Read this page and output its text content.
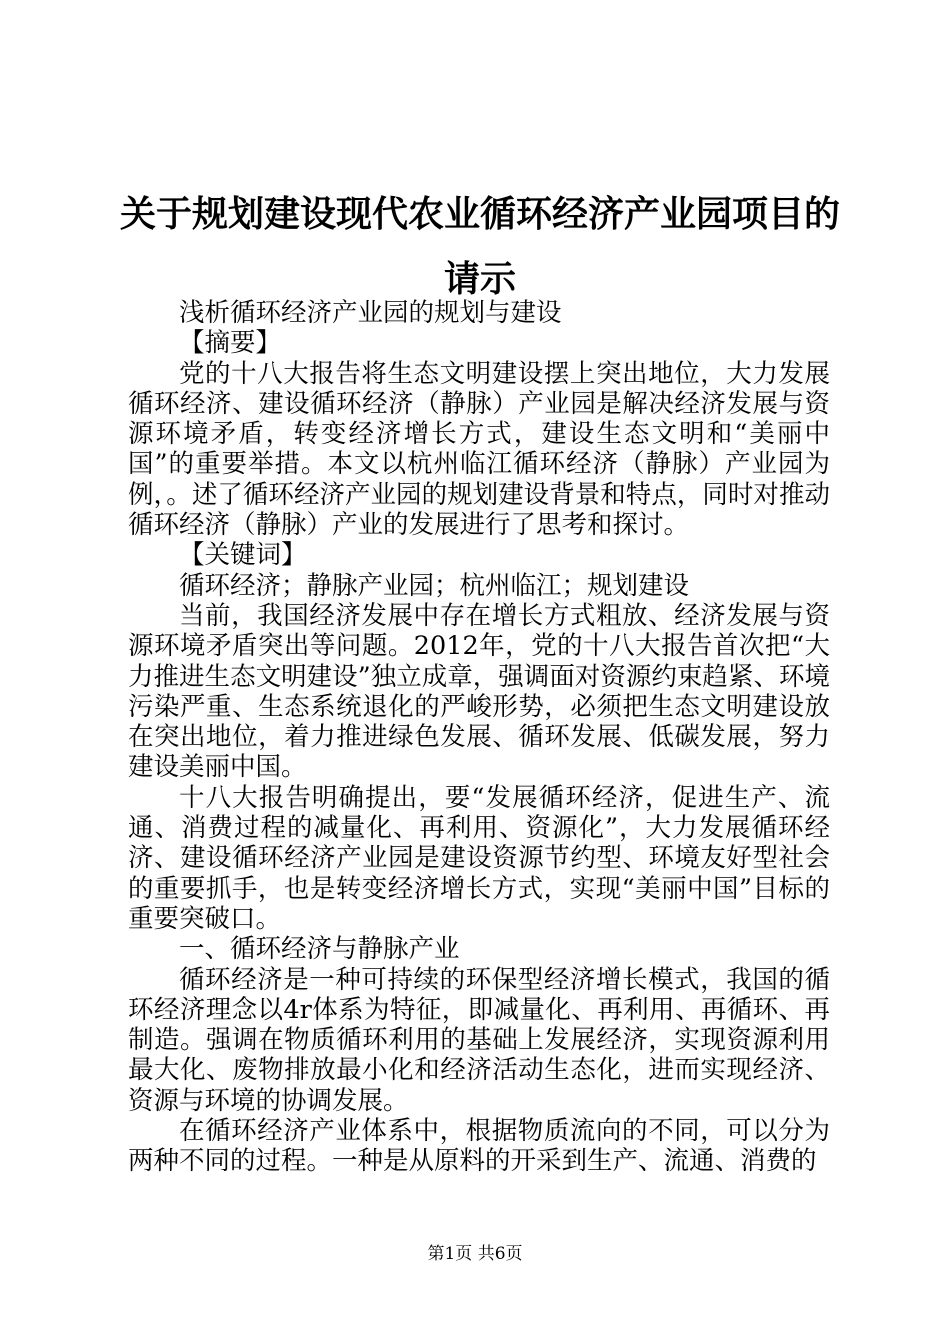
关于规划建设现代农业循环经济产业园项目的请示

浅析循环经济产业园的规划与建设

【摘要】

党的十八大报告将生态文明建设摆上突出地位，大力发展循环经济、建设循环经济（静脉）产业园是解决经济发展与资源环境矛盾，转变经济增长方式，建设生态文明和“美丽中国”的重要举措。本文以杭州临江循环经济（静脉）产业园为例，。述了循环经济产业园的规划建设背景和特点，同时对推动循环经济（静脉）产业的发展进行了思考和探讨。

【关键词】

循环经济；静脉产业园；杭州临江；规划建设

当前，我国经济发展中存在增长方式粗放、经济发展与资源环境矛盾突出等问题。2012年，党的十八大报告首次把“大力推进生态文明建设”独立成章，强调面对资源约束趋紧、环境污染严重、生态系统退化的严峻形势，必须把生态文明建设放在突出地位，着力推进绿色发展、循环发展、低碳发展，努力建设美丽中国。

十八大报告明确提出，要“发展循环经济，促进生产、流通、消费过程的减量化、再利用、资源化”，大力发展循环经济、建设循环经济产业园是建设资源节约型、环境友好型社会的重要抓手，也是转变经济增长方式，实现“美丽中国”目标的重要突破口。

一、循环经济与静脉产业

循环经济是一种可持续的环保型经济增长模式，我国的循环经济理念以4r体系为特征，即减量化、再利用、再循环、再制造。强调在物质循环利用的基础上发展经济，实现资源利用最大化、废物排放最小化和经济活动生态化，进而实现经济、资源与环境的协调发展。

在循环经济产业体系中，根据物质流向的不同，可以分为两种不同的过程。一种是从原料的开采到生产、流通、消费的

第1页 共6页
